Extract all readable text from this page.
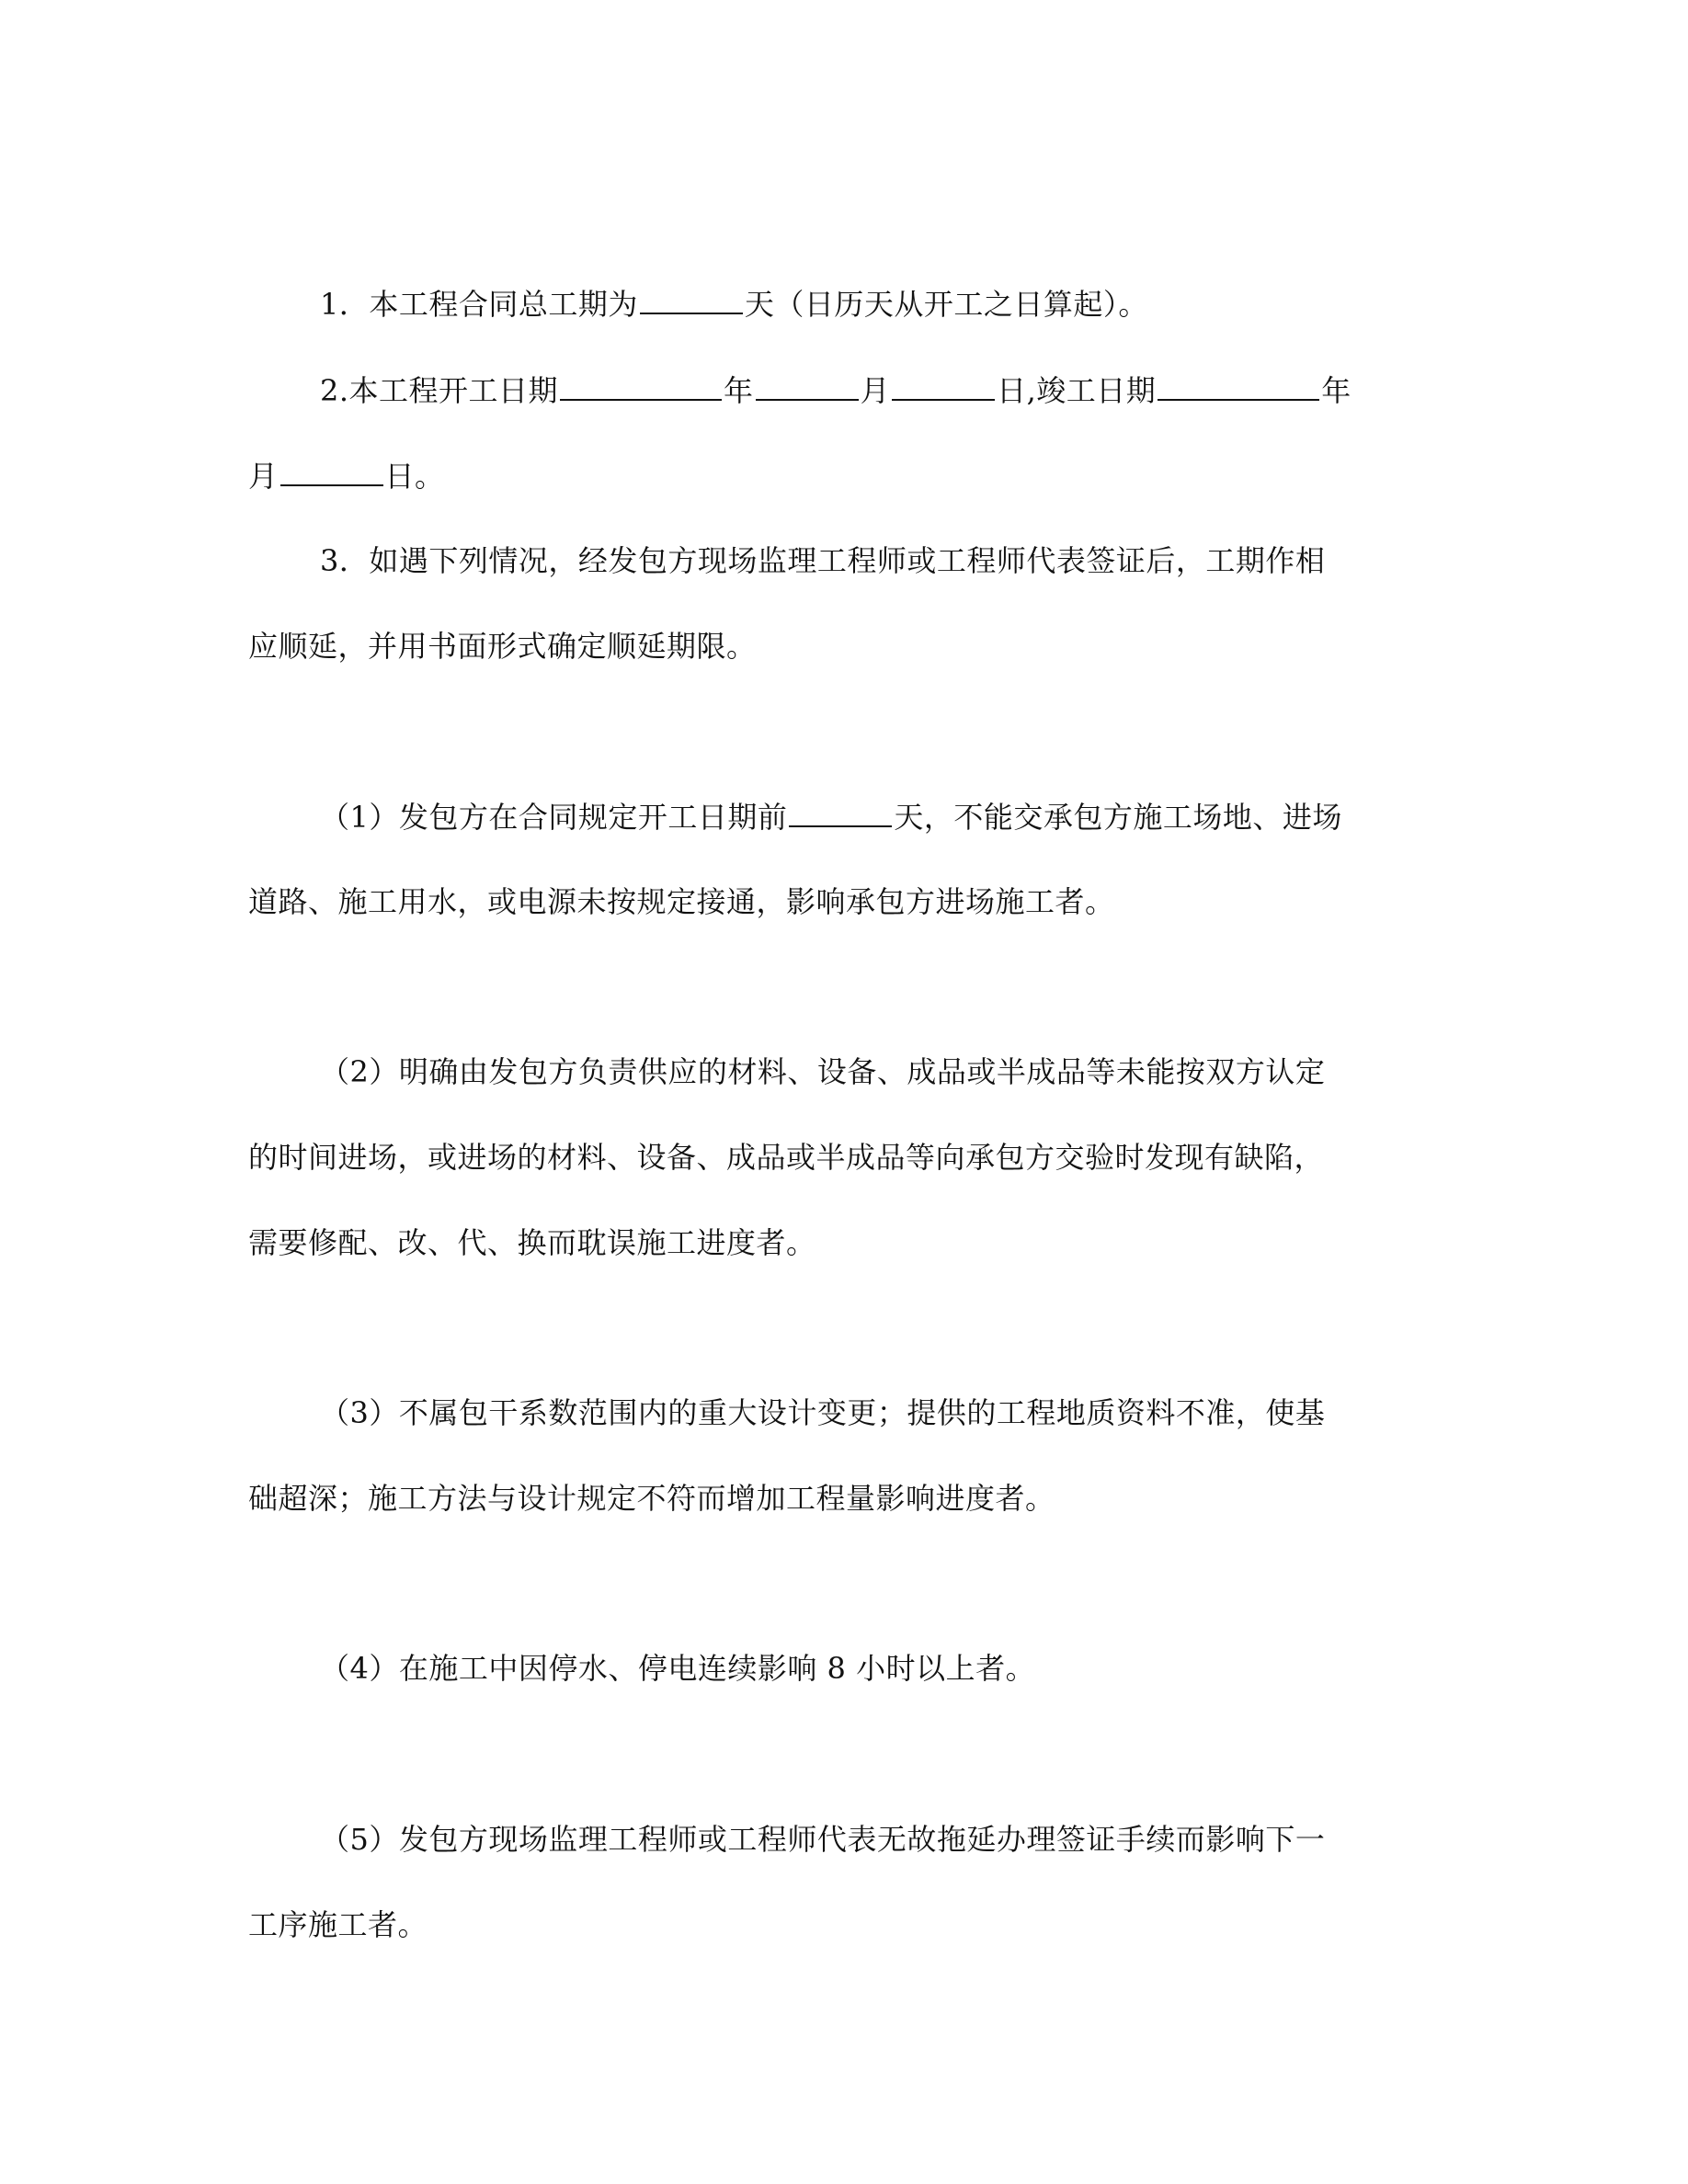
1．本工程合同总工期为	天（日历天从开工之日算起）。
2.本工程开工日期	年	月	日,竣工日期	年
月	日。
3．如遇下列情况，经发包方现场监理工程师或工程师代表签证后，工期作相
应顺延，并用书面形式确定顺延期限。
（1）发包方在合同规定开工日期前	天，不能交承包方施工场地、进场
道路、施工用水，或电源未按规定接通，影响承包方进场施工者。
（2）明确由发包方负责供应的材料、设备、成品或半成品等未能按双方认定
的时间进场，或进场的材料、设备、成品或半成品等向承包方交验时发现有缺陷，
需要修配、改、代、换而耽误施工进度者。
（3）不属包干系数范围内的重大设计变更；提供的工程地质资料不准，使基
础超深；施工方法与设计规定不符而增加工程量影响进度者。
（4）在施工中因停水、停电连续影响 8 小时以上者。
（5）发包方现场监理工程师或工程师代表无故拖延办理签证手续而影响下一
工序施工者。
